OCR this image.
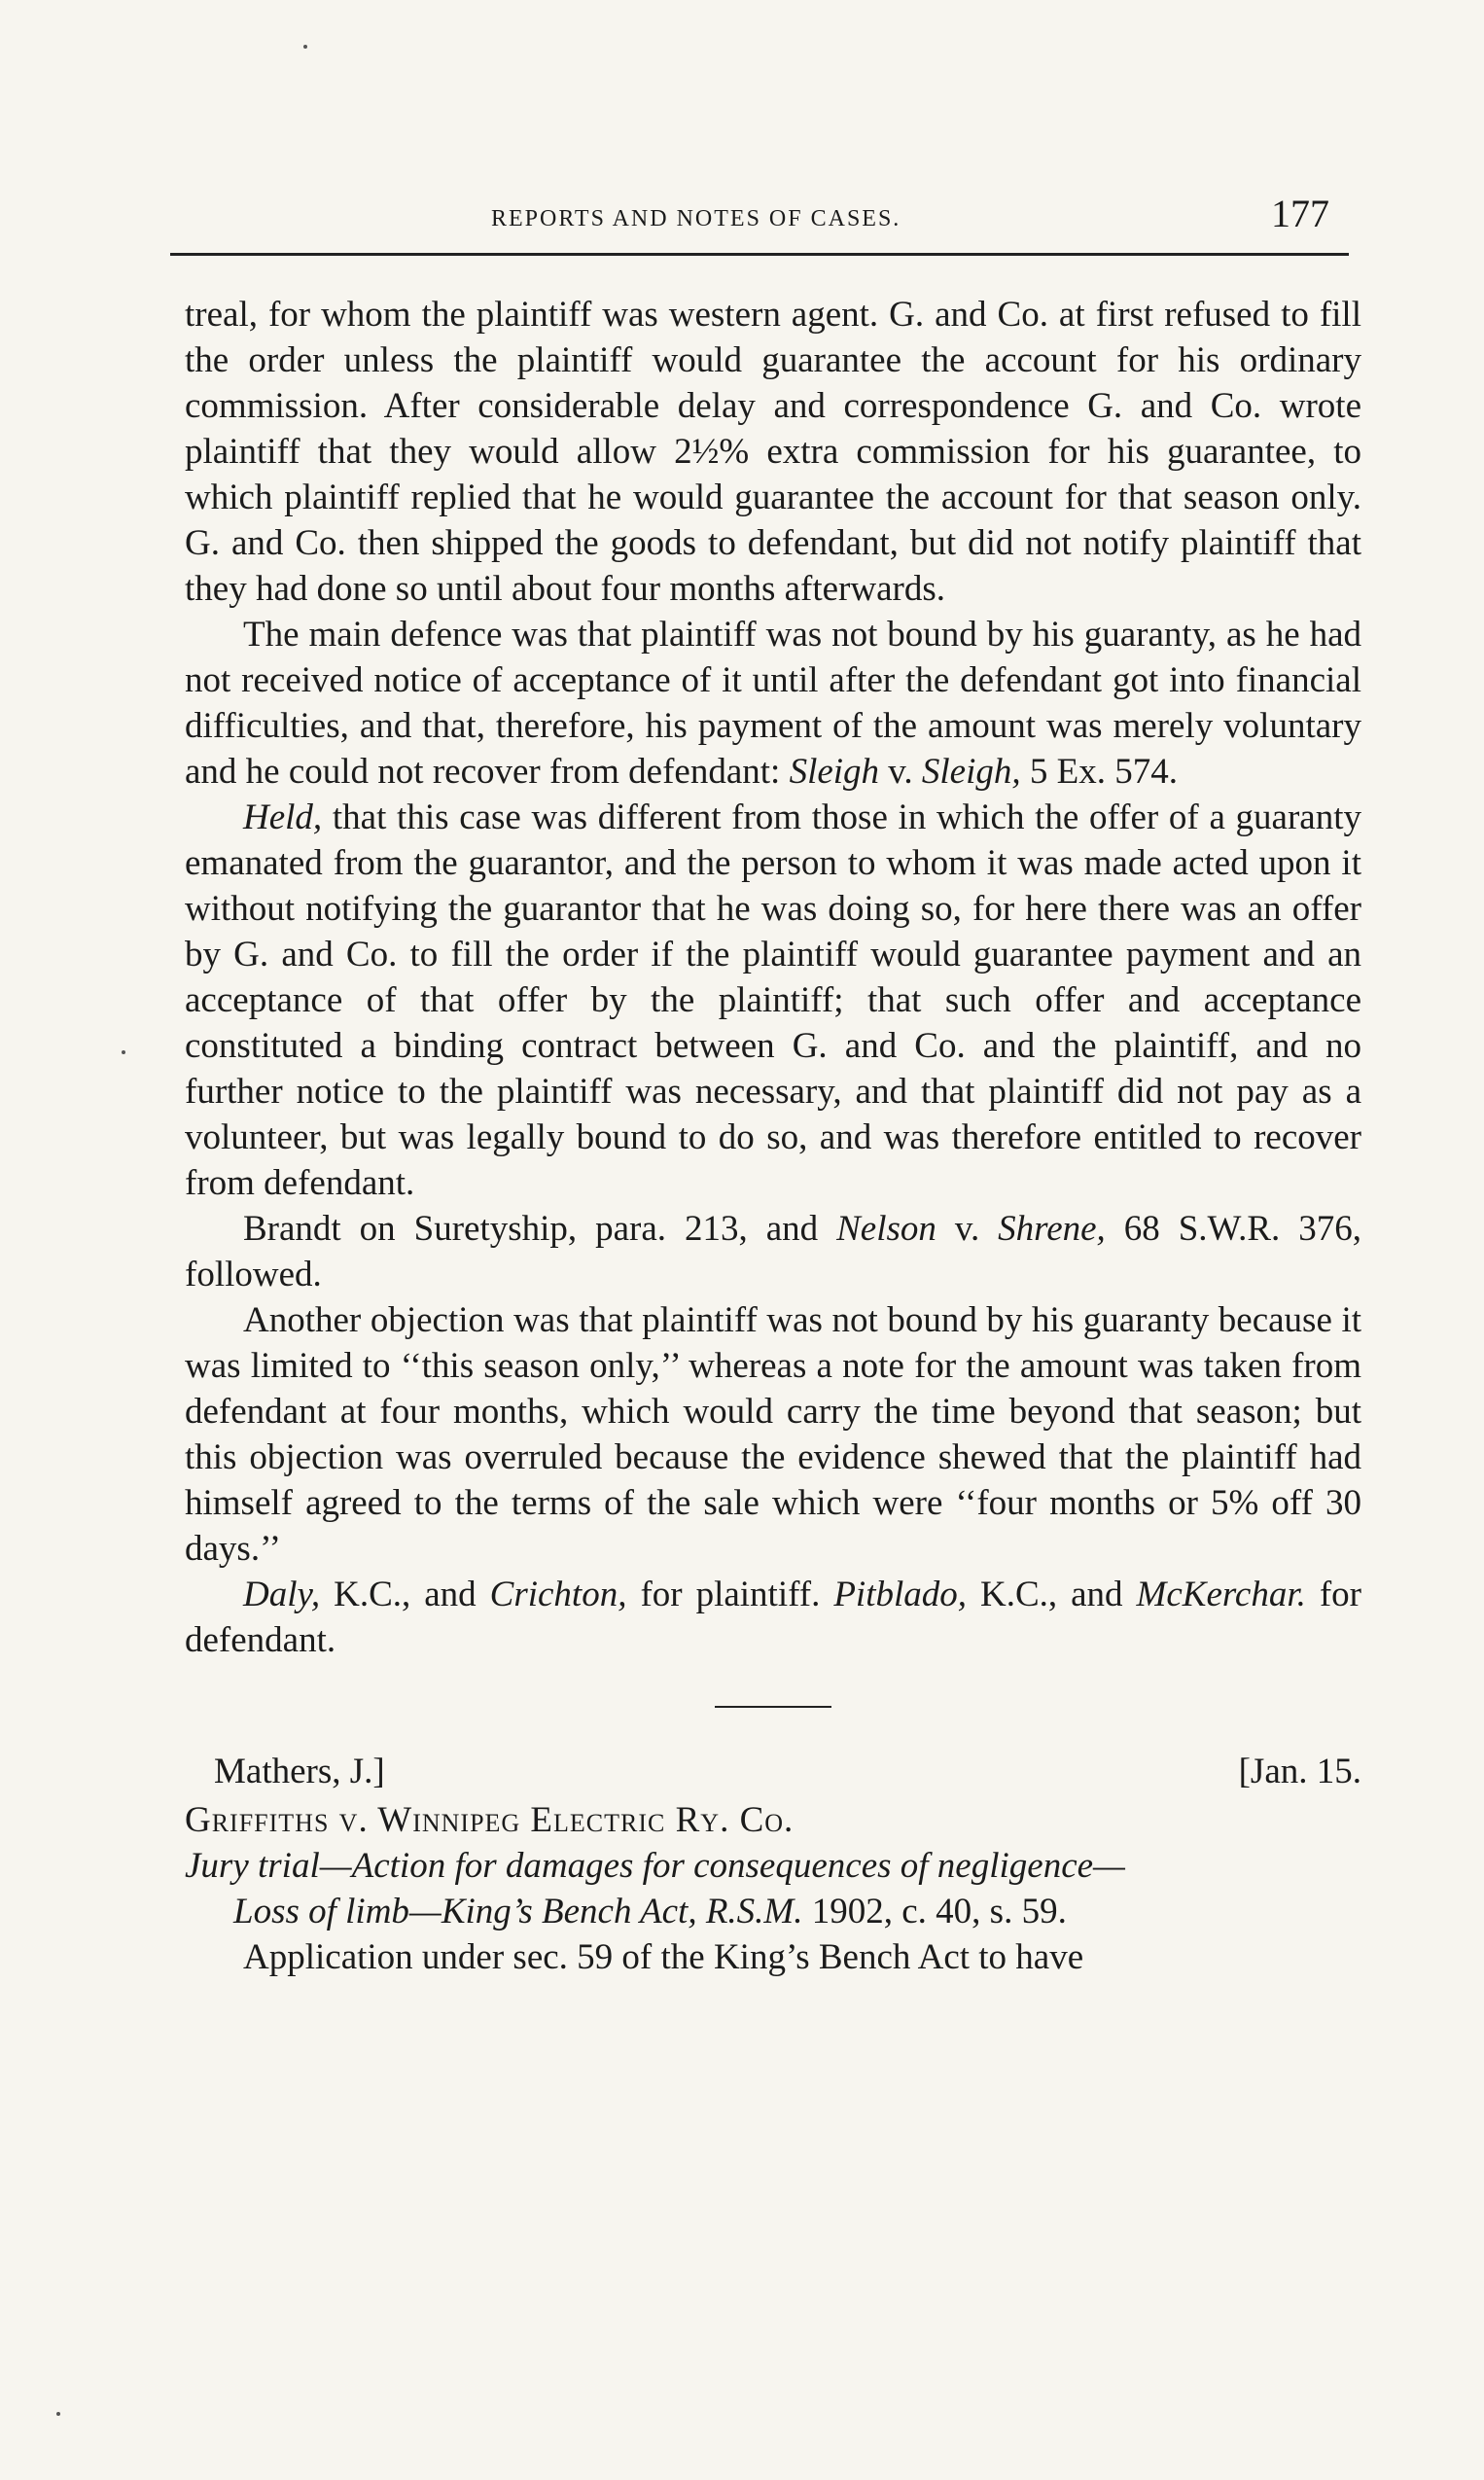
REPORTS AND NOTES OF CASES.	177

treal, for whom the plaintiff was western agent. G. and Co. at first refused to fill the order unless the plaintiff would guarantee the account for his ordinary commission. After considerable delay and correspondence G. and Co. wrote plaintiff that they would allow 2½% extra commission for his guarantee, to which plaintiff replied that he would guarantee the account for that season only. G. and Co. then shipped the goods to defendant, but did not notify plaintiff that they had done so until about four months afterwards.

The main defence was that plaintiff was not bound by his guaranty, as he had not received notice of acceptance of it until after the defendant got into financial difficulties, and that, therefore, his payment of the amount was merely voluntary and he could not recover from defendant: Sleigh v. Sleigh, 5 Ex. 574.

Held, that this case was different from those in which the offer of a guaranty emanated from the guarantor, and the person to whom it was made acted upon it without notifying the guarantor that he was doing so, for here there was an offer by G. and Co. to fill the order if the plaintiff would guarantee payment and an acceptance of that offer by the plaintiff; that such offer and acceptance constituted a binding contract between G. and Co. and the plaintiff, and no further notice to the plaintiff was necessary, and that plaintiff did not pay as a volunteer, but was legally bound to do so, and was therefore entitled to recover from defendant.

Brandt on Suretyship, para. 213, and Nelson v. Shrene, 68 S.W.R. 376, followed.

Another objection was that plaintiff was not bound by his guaranty because it was limited to ‘‘this season only,’’ whereas a note for the amount was taken from defendant at four months, which would carry the time beyond that season; but this objection was overruled because the evidence shewed that the plaintiff had himself agreed to the terms of the sale which were ‘‘four months or 5% off 30 days.’’

Daly, K.C., and Crichton, for plaintiff. Pitblado, K.C., and McKerchar. for defendant.

Mathers, J.]	[Jan. 15.

Griffiths v. Winnipeg Electric Ry. Co.

Jury trial—Action for damages for consequences of negligence—
Loss of limb—King’s Bench Act, R.S.M. 1902, c. 40, s. 59.

Application under sec. 59 of the King’s Bench Act to have
